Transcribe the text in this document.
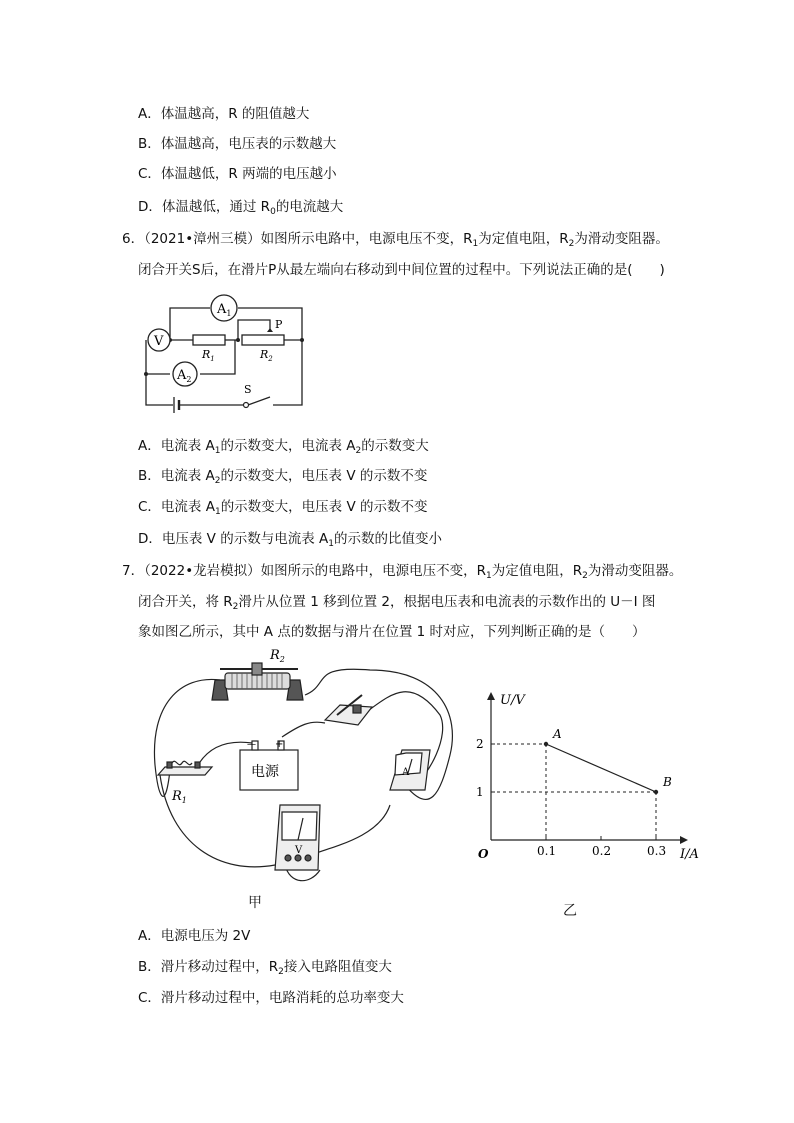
A．体温越高，R 的阻值越大
B．体温越高，电压表的示数越大
C．体温越低，R 两端的电压越小
D．体温越低，通过 $R_0$的电流越大
6．（2021•漳州三模）如图所示电路中，电源电压不变，$R_1$为定值电阻，$R_2$为滑动变阻器。
闭合开关S后，在滑片P从最左端向右移动到中间位置的过程中。下列说法正确的是(　　)
$A_1$
V
$A_2$
P
$R_1$	$R_2$
S
A．电流表 $A_1$的示数变大，电流表 $A_2$的示数变大
B．电流表 $A_2$的示数变大，电压表 V 的示数不变
C．电流表 $A_1$的示数变大，电压表 V 的示数不变
D．电压表 V 的示数与电流表 $A_1$的示数的比值变小
7．（2022•龙岩模拟）如图所示的电路中，电源电压不变，$R_1$为定值电阻，$R_2$为滑动变阻器。
闭合开关，将 $R_2$滑片从位置 1 移到位置 2，根据电压表和电流表的示数作出的 U－I 图
象如图乙所示，其中 A 点的数据与滑片在位置 1 时对应，下列判断正确的是（　　）
$R_2$
— +
电源
$R_1$
A
V
甲
O
U/V
I/A
0.1	0.2	0.3
1
2
A
B
乙
A．电源电压为 2V
B．滑片移动过程中，$R_2$接入电路阻值变大
C．滑片移动过程中，电路消耗的总功率变大
